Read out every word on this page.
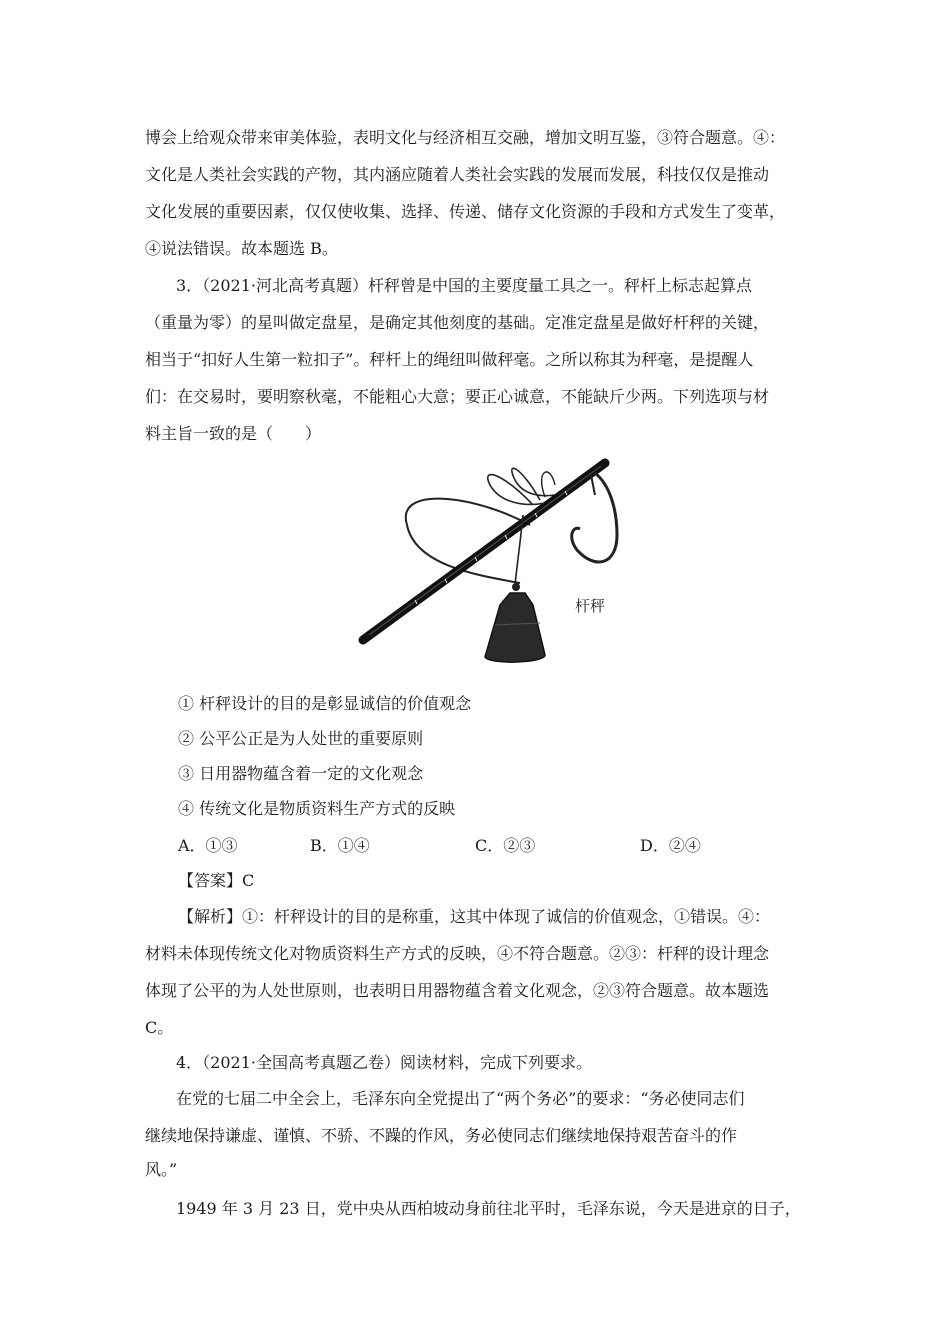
博会上给观众带来审美体验，表明文化与经济相互交融，增加文明互鉴，③符合题意。④：
文化是人类社会实践的产物，其内涵应随着人类社会实践的发展而发展，科技仅仅是推动
文化发展的重要因素，仅仅使收集、选择、传递、储存文化资源的手段和方式发生了变革，
④说法错误。故本题选 B。
3．（2021·河北高考真题）杆秤曾是中国的主要度量工具之一。秤杆上标志起算点
（重量为零）的星叫做定盘星，是确定其他刻度的基础。定准定盘星是做好杆秤的关键，
相当于“扣好人生第一粒扣子”。秤杆上的绳纽叫做秤毫。之所以称其为秤毫，是提醒人
们：在交易时，要明察秋毫，不能粗心大意；要正心诚意，不能缺斤少两。下列选项与材
料主旨一致的是（　　）
杆秤
① 杆秤设计的目的是彰显诚信的价值观念
② 公平公正是为人处世的重要原则
③ 日用器物蕴含着一定的文化观念
④ 传统文化是物质资料生产方式的反映
A．①③	B．①④	C．②③	D．②④
【答案】C
【解析】①：杆秤设计的目的是称重，这其中体现了诚信的价值观念，①错误。④：
材料未体现传统文化对物质资料生产方式的反映，④不符合题意。②③：杆秤的设计理念
体现了公平的为人处世原则，也表明日用器物蕴含着文化观念，②③符合题意。故本题选
C。
4．（2021·全国高考真题乙卷）阅读材料，完成下列要求。
在党的七届二中全会上，毛泽东向全党提出了“两个务必”的要求：“务必使同志们
继续地保持谦虚、谨慎、不骄、不躁的作风，务必使同志们继续地保持艰苦奋斗的作
风。”
1949 年 3 月 23 日，党中央从西柏坡动身前往北平时，毛泽东说，今天是进京的日子，
